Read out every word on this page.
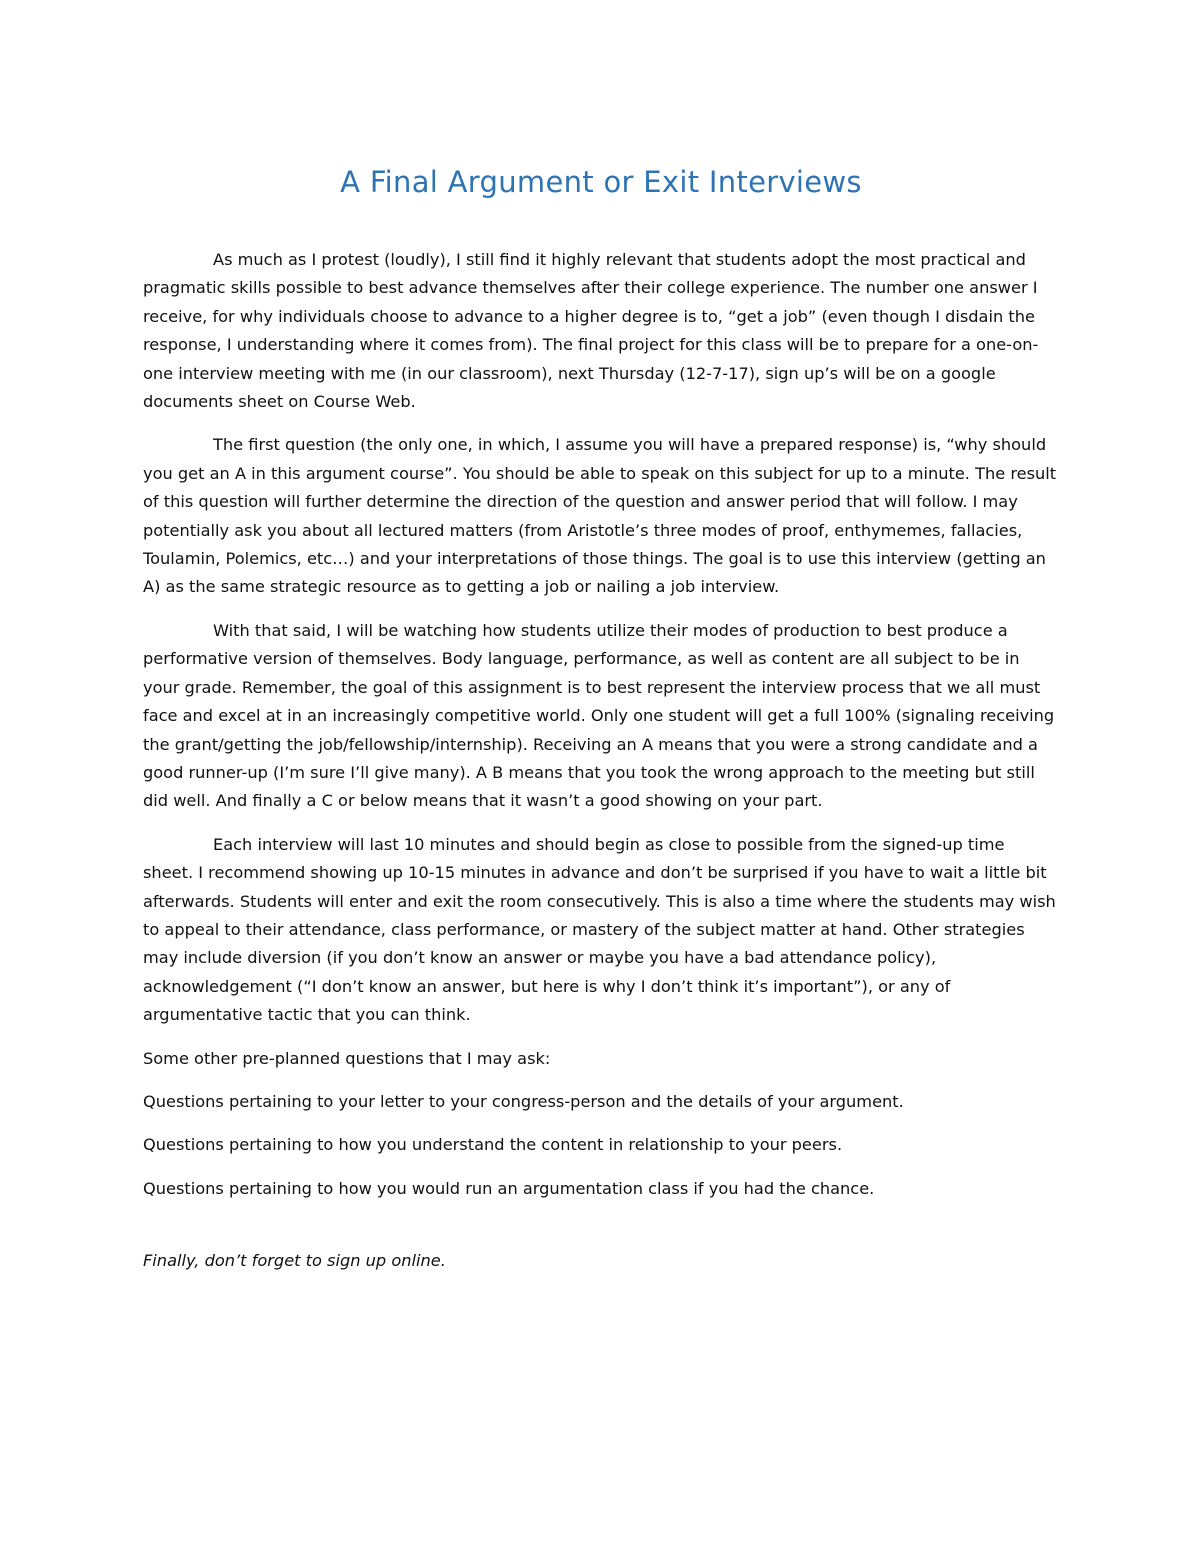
A Final Argument or Exit Interviews

As much as I protest (loudly), I still find it highly relevant that students adopt the most practical and pragmatic skills possible to best advance themselves after their college experience. The number one answer I receive, for why individuals choose to advance to a higher degree is to, “get a job” (even though I disdain the response, I understanding where it comes from). The final project for this class will be to prepare for a one-on-one interview meeting with me (in our classroom), next Thursday (12-7-17), sign up’s will be on a google documents sheet on Course Web.

The first question (the only one, in which, I assume you will have a prepared response) is, “why should you get an A in this argument course”. You should be able to speak on this subject for up to a minute. The result of this question will further determine the direction of the question and answer period that will follow. I may potentially ask you about all lectured matters (from Aristotle’s three modes of proof, enthymemes, fallacies, Toulamin, Polemics, etc…) and your interpretations of those things. The goal is to use this interview (getting an A) as the same strategic resource as to getting a job or nailing a job interview.

With that said, I will be watching how students utilize their modes of production to best produce a performative version of themselves. Body language, performance, as well as content are all subject to be in your grade. Remember, the goal of this assignment is to best represent the interview process that we all must face and excel at in an increasingly competitive world. Only one student will get a full 100% (signaling receiving the grant/getting the job/fellowship/internship). Receiving an A means that you were a strong candidate and a good runner-up (I’m sure I’ll give many). A B means that you took the wrong approach to the meeting but still did well. And finally a C or below means that it wasn’t a good showing on your part.

Each interview will last 10 minutes and should begin as close to possible from the signed-up time sheet. I recommend showing up 10-15 minutes in advance and don’t be surprised if you have to wait a little bit afterwards. Students will enter and exit the room consecutively. This is also a time where the students may wish to appeal to their attendance, class performance, or mastery of the subject matter at hand. Other strategies may include diversion (if you don’t know an answer or maybe you have a bad attendance policy), acknowledgement (“I don’t know an answer, but here is why I don’t think it’s important”), or any of argumentative tactic that you can think.

Some other pre-planned questions that I may ask:

Questions pertaining to your letter to your congress-person and the details of your argument.

Questions pertaining to how you understand the content in relationship to your peers.

Questions pertaining to how you would run an argumentation class if you had the chance.

Finally, don’t forget to sign up online.
